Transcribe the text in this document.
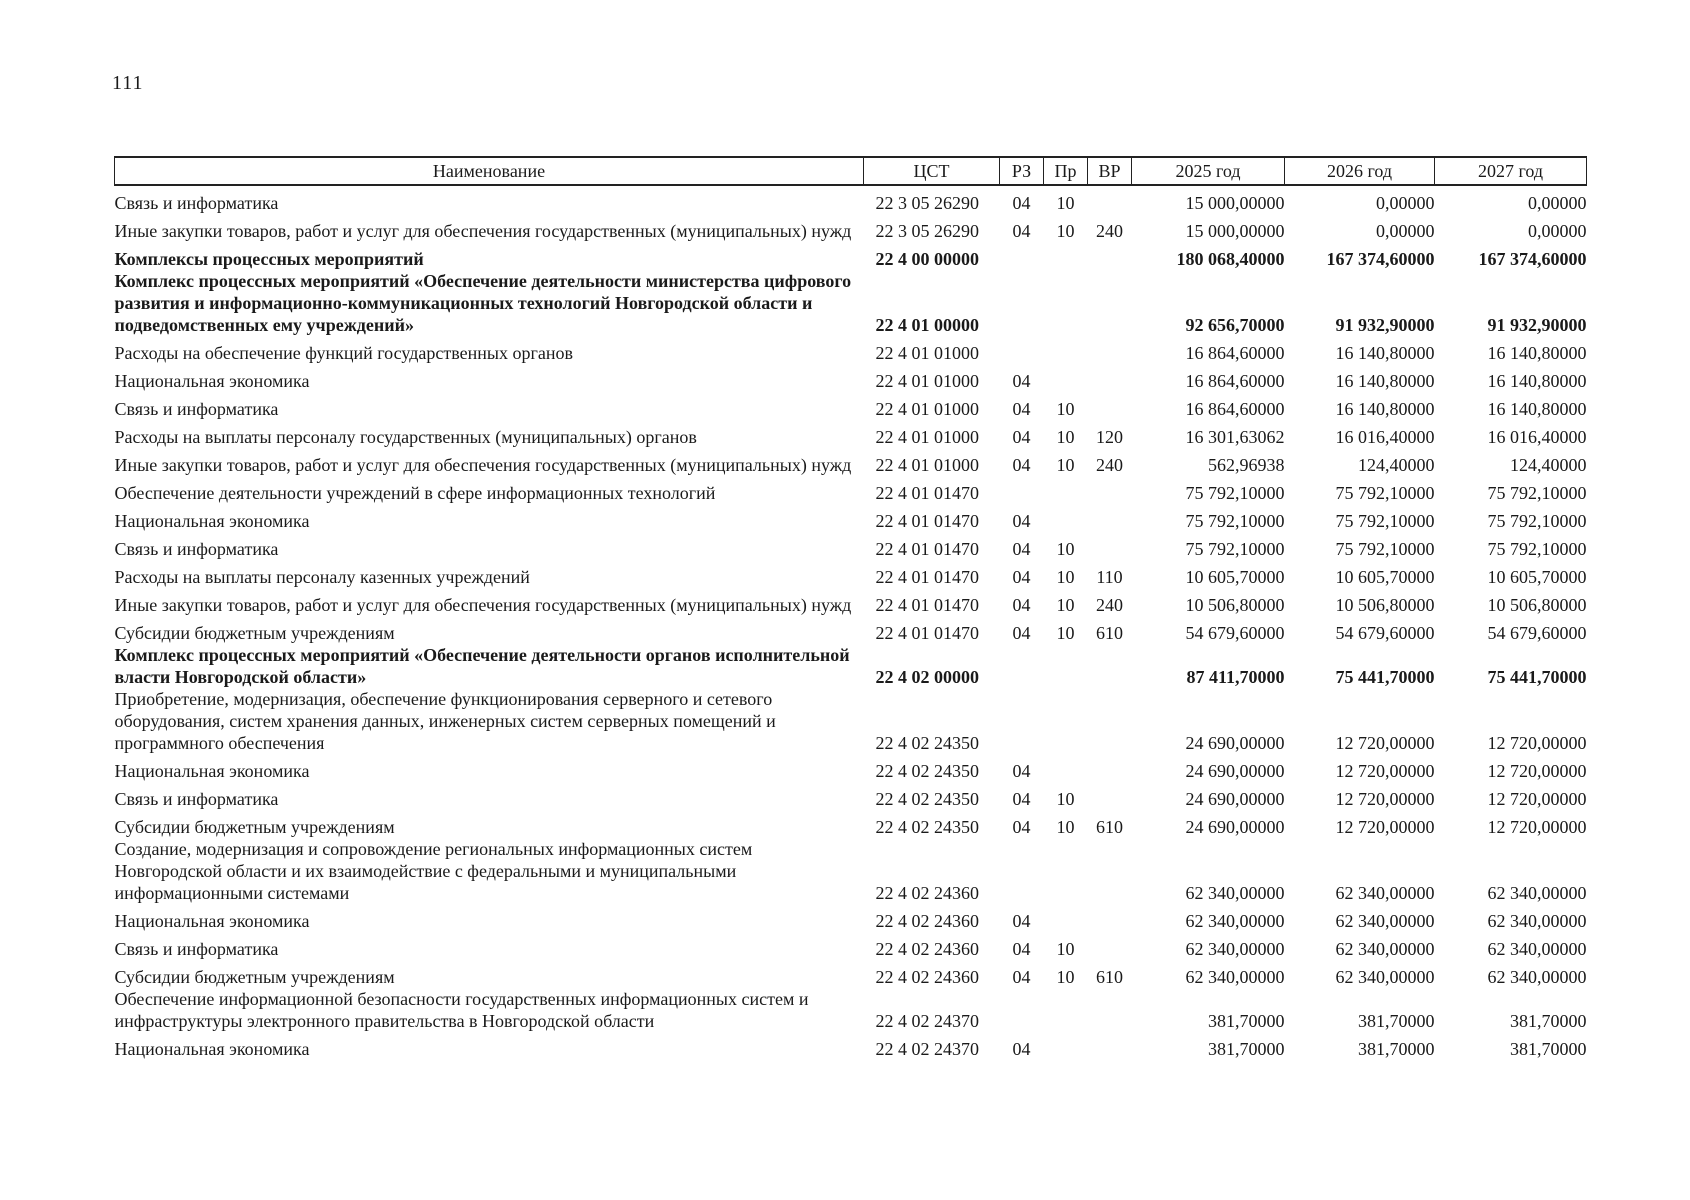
111
Наименование	ЦСТ	РЗ	Пр	ВР	2025 год	2026 год	2027 год
Связь и информатика	22 3 05 26290	04	10		15 000,00000	0,00000	0,00000
Иные закупки товаров, работ и услуг для обеспечения государственных (муниципальных) нужд	22 3 05 26290	04	10	240	15 000,00000	0,00000	0,00000
Комплексы процессных мероприятий	22 4 00 00000				180 068,40000	167 374,60000	167 374,60000
Комплекс процессных мероприятий «Обеспечение деятельности министерства цифрового развития и информационно-коммуникационных технологий Новгородской области и подведомственных ему учреждений»	22 4 01 00000				92 656,70000	91 932,90000	91 932,90000
Расходы на обеспечение функций государственных органов	22 4 01 01000				16 864,60000	16 140,80000	16 140,80000
Национальная экономика	22 4 01 01000	04			16 864,60000	16 140,80000	16 140,80000
Связь и информатика	22 4 01 01000	04	10		16 864,60000	16 140,80000	16 140,80000
Расходы на выплаты персоналу государственных (муниципальных) органов	22 4 01 01000	04	10	120	16 301,63062	16 016,40000	16 016,40000
Иные закупки товаров, работ и услуг для обеспечения государственных (муниципальных) нужд	22 4 01 01000	04	10	240	562,96938	124,40000	124,40000
Обеспечение деятельности учреждений в сфере информационных технологий	22 4 01 01470				75 792,10000	75 792,10000	75 792,10000
Национальная экономика	22 4 01 01470	04			75 792,10000	75 792,10000	75 792,10000
Связь и информатика	22 4 01 01470	04	10		75 792,10000	75 792,10000	75 792,10000
Расходы на выплаты персоналу казенных учреждений	22 4 01 01470	04	10	110	10 605,70000	10 605,70000	10 605,70000
Иные закупки товаров, работ и услуг для обеспечения государственных (муниципальных) нужд	22 4 01 01470	04	10	240	10 506,80000	10 506,80000	10 506,80000
Субсидии бюджетным учреждениям	22 4 01 01470	04	10	610	54 679,60000	54 679,60000	54 679,60000
Комплекс процессных мероприятий «Обеспечение деятельности органов исполнительной власти Новгородской области»	22 4 02 00000				87 411,70000	75 441,70000	75 441,70000
Приобретение, модернизация, обеспечение функционирования серверного и сетевого оборудования, систем хранения данных, инженерных систем серверных помещений и программного обеспечения	22 4 02 24350				24 690,00000	12 720,00000	12 720,00000
Национальная экономика	22 4 02 24350	04			24 690,00000	12 720,00000	12 720,00000
Связь и информатика	22 4 02 24350	04	10		24 690,00000	12 720,00000	12 720,00000
Субсидии бюджетным учреждениям	22 4 02 24350	04	10	610	24 690,00000	12 720,00000	12 720,00000
Создание, модернизация и сопровождение региональных информационных систем Новгородской области и их взаимодействие с федеральными и муниципальными информационными системами	22 4 02 24360				62 340,00000	62 340,00000	62 340,00000
Национальная экономика	22 4 02 24360	04			62 340,00000	62 340,00000	62 340,00000
Связь и информатика	22 4 02 24360	04	10		62 340,00000	62 340,00000	62 340,00000
Субсидии бюджетным учреждениям	22 4 02 24360	04	10	610	62 340,00000	62 340,00000	62 340,00000
Обеспечение информационной безопасности государственных информационных систем и инфраструктуры электронного правительства в Новгородской области	22 4 02 24370				381,70000	381,70000	381,70000
Национальная экономика	22 4 02 24370	04			381,70000	381,70000	381,70000
